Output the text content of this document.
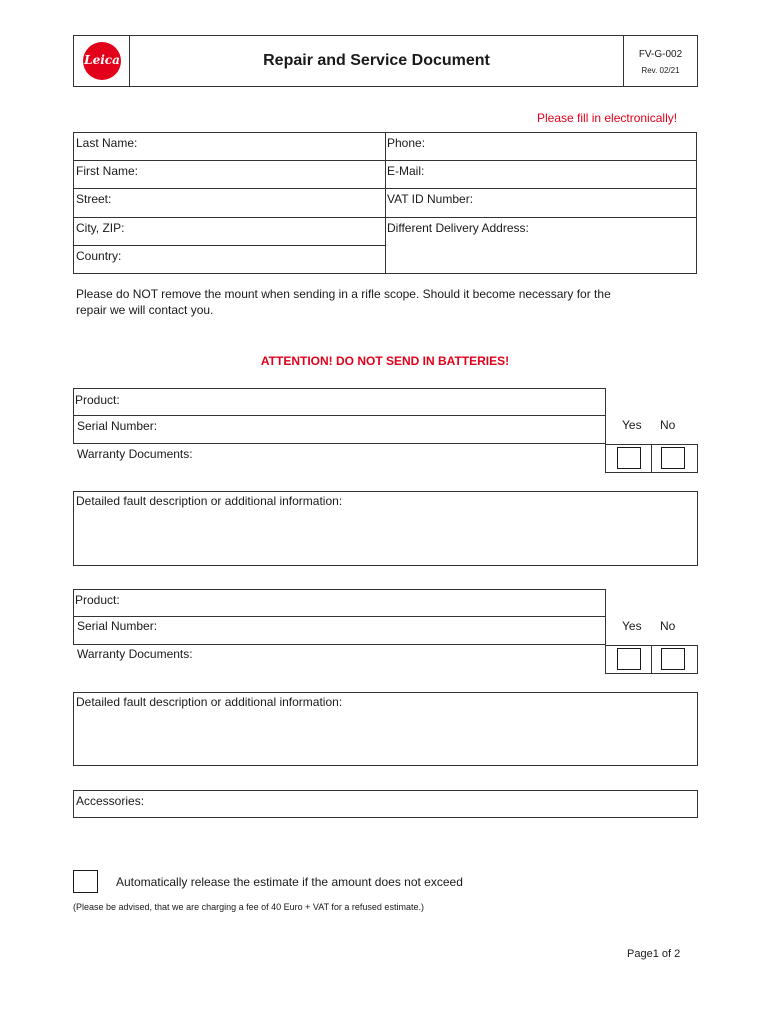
Leica	Repair and Service Document	FV-G-002
Rev. 02/21
Please fill in electronically!
Last Name:
First Name:
Street:
City, ZIP:
Country:
Phone:
E-Mail:
VAT ID Number:
Different Delivery Address:
Please do NOT remove the mount when sending in a rifle scope. Should it become necessary for the
repair we will contact you.
ATTENTION! DO NOT SEND IN BATTERIES!
Product:
Serial Number:
Warranty Documents:
Yes No
Detailed fault description or additional information:
Product:
Serial Number:
Warranty Documents:
Yes No
Detailed fault description or additional information:
Accessories:
Automatically release the estimate if the amount does not exceed
(Please be advised, that we are charging a fee of 40 Euro + VAT for a refused estimate.)
Page1 of 2
